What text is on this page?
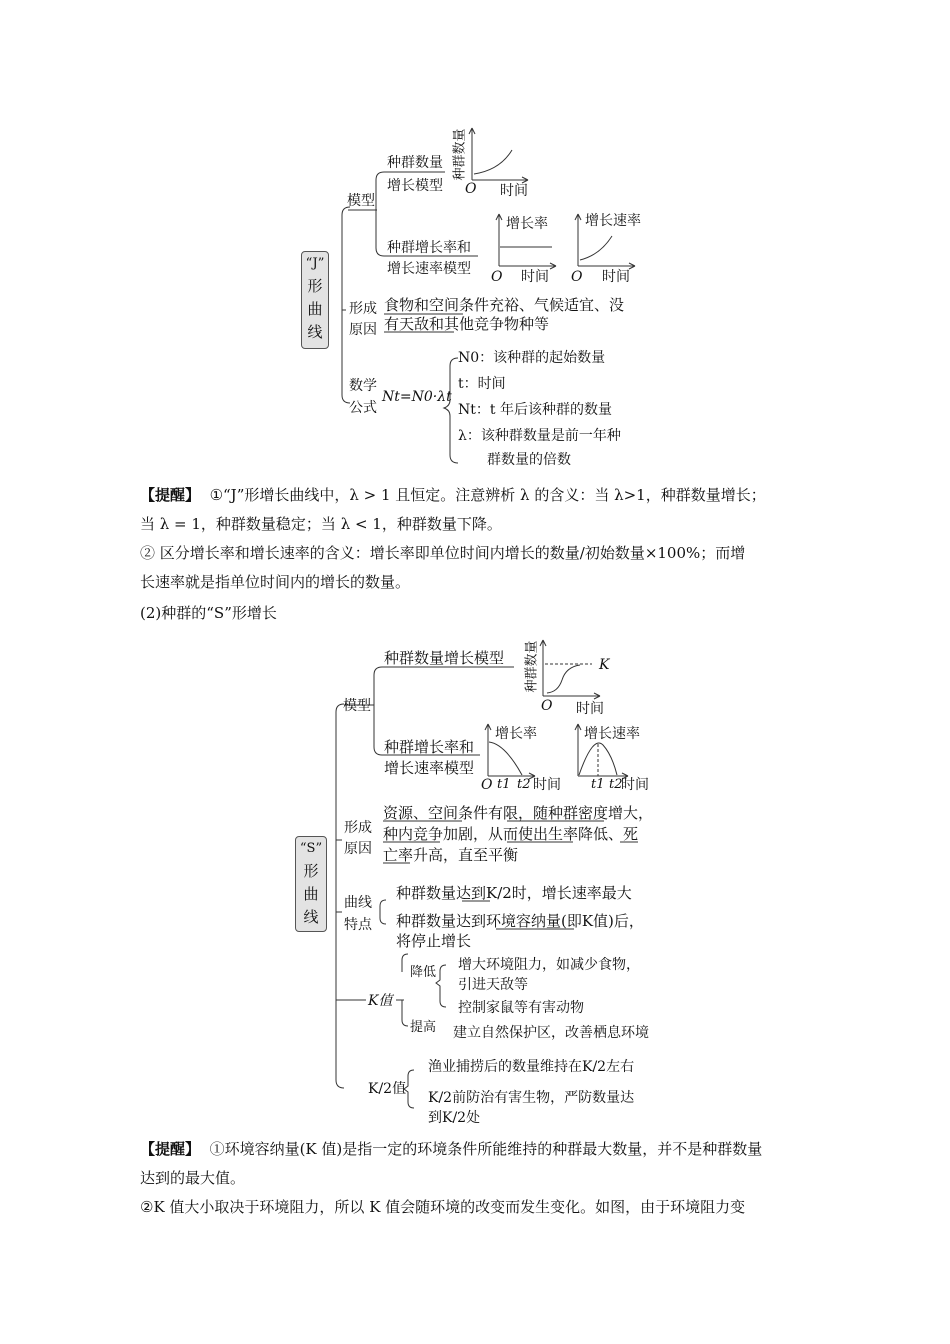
“J”
形
曲
线
模型
种群数量
增长模型
种群增长率和
增长速率模型
种群数量
O 时间
增长率
O 时间
增长速率
O 时间
形成
原因
食物和空间条件充裕、气候适宜、没
有天敌和其他竞争物种等
数学
公式
Nt=N0·λt
N0：该种群的起始数量
t：时间
Nt：t 年后该种群的数量
λ：该种群数量是前一年种
群数量的倍数
【提醒】 ①“J”形增长曲线中，λ > 1 且恒定。注意辨析 λ 的含义：当 λ>1，种群数量增长；
当 λ = 1，种群数量稳定；当 λ < 1，种群数量下降。
② 区分增长率和增长速率的含义：增长率即单位时间内增长的数量/初始数量×100%；而增
长速率就是指单位时间内的增长的数量。
(2)种群的“S”形增长
“S”
形
曲
线
模型
种群数量增长模型
种群增长率和
增长速率模型
种群数量	K
O 时间
增长率
O t1 t2 时间
增长速率
t1 t2
时间
形成
原因
资源、空间条件有限，随种群密度增大，
种内竞争加剧，从而使出生率降低、死
亡率升高，直至平衡
曲线
特点
种群数量达到K/2时，增长速率最大
种群数量达到环境容纳量(即K值)后，
将停止增长
K值
降低 增大环境阻力，如减少食物，
引进天敌等
控制家鼠等有害动物
提高 建立自然保护区，改善栖息环境
K/2值
渔业捕捞后的数量维持在K/2左右
K/2前防治有害生物，严防数量达
到K/2处
【提醒】 ①环境容纳量(K 值)是指一定的环境条件所能维持的种群最大数量，并不是种群数量
达到的最大值。
②K 值大小取决于环境阻力，所以 K 值会随环境的改变而发生变化。如图，由于环境阻力变
